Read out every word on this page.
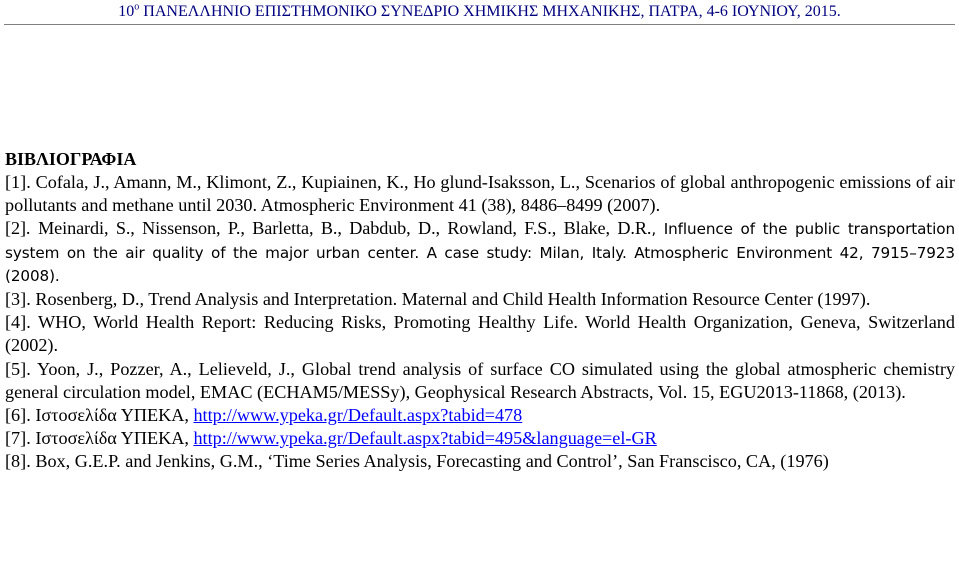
$10^o$ ΠΑΝΕΛΛΗΝΙΟ ΕΠΙΣΤΗΜΟΝΙΚΟ ΣΥΝΕΔΡΙΟ ΧΗΜΙΚΗΣ ΜΗΧΑΝΙΚΗΣ, ΠΑΤΡΑ, 4-6 ΙΟΥΝΙΟΥ, 2015.

ΒΙΒΛΙΟΓΡΑΦΙΑ

[1]. Cofala, J., Amann, M., Klimont, Z., Kupiainen, K., Ho glund-Isaksson, L., Scenarios of global anthropogenic emissions of air pollutants and methane until 2030. Atmospheric Environment 41 (38), 8486–8499 (2007).

[2]. Meinardi, S., Nissenson, P., Barletta, B., Dabdub, D., Rowland, F.S., Blake, D.R., Influence of the public transportation system on the air quality of the major urban center. A case study: Milan, Italy. Atmospheric Environment 42, 7915–7923 (2008).

[3]. Rosenberg, D., Trend Analysis and Interpretation. Maternal and Child Health Information Resource Center (1997).

[4]. WHO, World Health Report: Reducing Risks, Promoting Healthy Life. World Health Organization, Geneva, Switzerland (2002).

[5]. Yoon, J., Pozzer, A., Lelieveld, J., Global trend analysis of surface CO simulated using the global atmospheric chemistry general circulation model, EMAC (ECHAM5/MESSy), Geophysical Research Abstracts, Vol. 15, EGU2013-11868, (2013).

[6]. Ιστοσελίδα ΥΠΕΚΑ, http://www.ypeka.gr/Default.aspx?tabid=478

[7]. Ιστοσελίδα ΥΠΕΚΑ, http://www.ypeka.gr/Default.aspx?tabid=495&language=el-GR

[8]. Box, G.E.P. and Jenkins, G.M., ‘Time Series Analysis, Forecasting and Control’, San Franscisco, CA, (1976)
